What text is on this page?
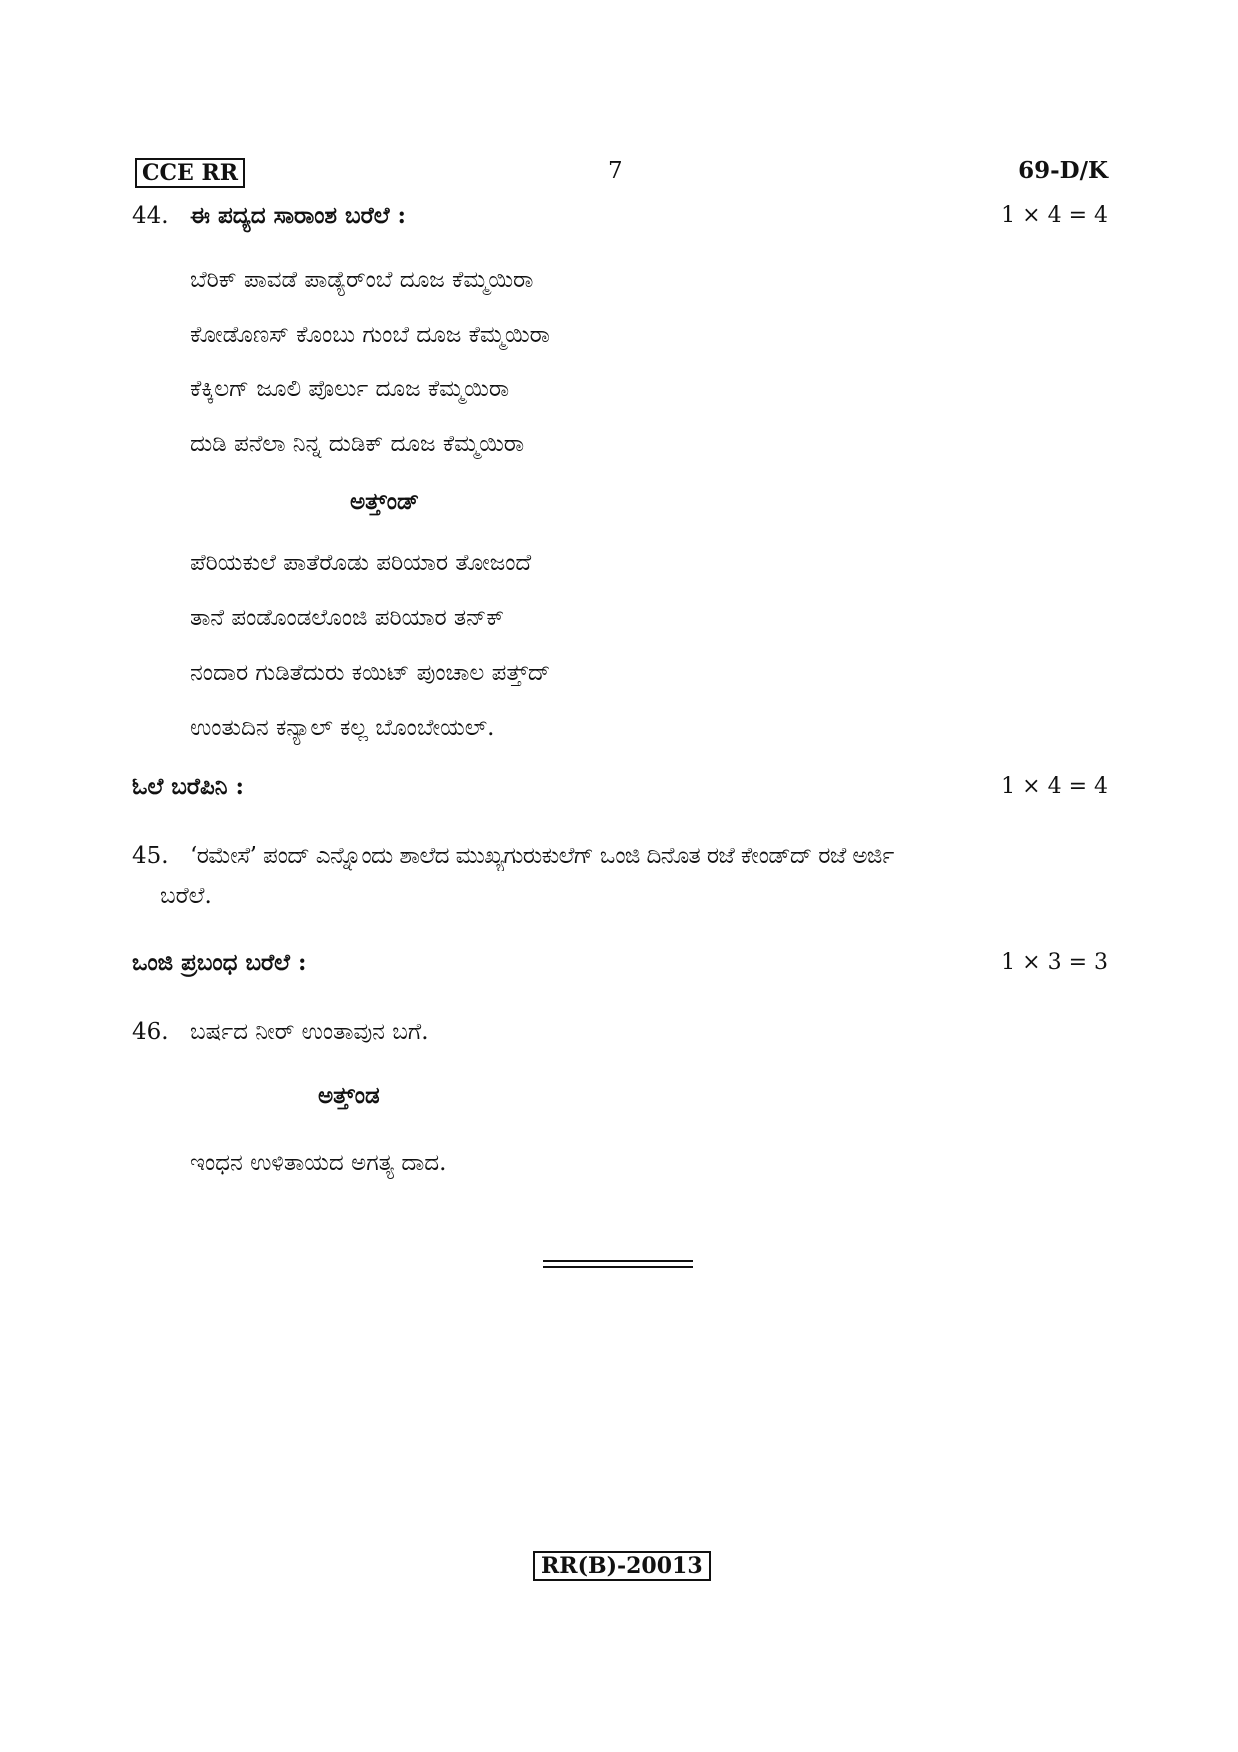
CCE RR	7	69-D/K
44. ಈ ಪದ್ಯದ ಸಾರಾಂಶ ಬರೆಲೆ :	1 × 4 = 4
ಬೆರಿಕ್ ಪಾವಡೆ ಪಾಡ್ಯೆರ್‌ಂಬೆ ದೂಜ ಕೆಮ್ಮಯಿರಾ
ಕೋಡೊಣಸ್ ಕೊಂಬು ಗುಂಬೆ ದೂಜ ಕೆಮ್ಮಯಿರಾ
ಕೆಕ್ಕಿಲಗ್ ಜೂಲಿ ಪೊರ್ಲು ದೂಜ ಕೆಮ್ಮಯಿರಾ
ದುಡಿ ಪನೆಲಾ ನಿನ್ನ ದುಡಿಕ್ ದೂಜ ಕೆಮ್ಮಯಿರಾ
ಅತ್ತ್‌ಂಡ್
ಪೆರಿಯಕುಲೆ ಪಾತೆರೊಡು ಪರಿಯಾರ ತೋಜಂದೆ
ತಾನೆ ಪಂಡೊಂಡಲೊಂಜಿ ಪರಿಯಾರ ತನ್‌ಕ್
ನಂದಾರ ಗುಡಿತೆದುರು ಕಯಿಟ್ ಪುಂಚಾಲ ಪತ್ತ್‌ದ್
ಉಂತುದಿನ ಕನ್ಯಾಲ್ ಕಲ್ಲ ಬೊಂಬೇಯಲ್.
ಓಲೆ ಬರೆಪಿನಿ :	1 × 4 = 4
45. ‘ರಮೇಸೆ’ ಪಂದ್ ಎನ್ನೊಂದು ಶಾಲೆದ ಮುಖ್ಯಗುರುಕುಲೆಗ್ ಒಂಜಿ ದಿನೊತ ರಜೆ ಕೇಂಡ್‌ದ್ ರಜೆ ಅರ್ಜಿ
ಬರೆಲೆ.
ಒಂಜಿ ಪ್ರಬಂಧ ಬರೆಲೆ :	1 × 3 = 3
46. ಬರ್ಷದ ನೀರ್ ಉಂತಾವುನ ಬಗೆ.
ಅತ್ತ್‌ಂಡ
ಇಂಧನ ಉಳಿತಾಯದ ಅಗತ್ಯ ದಾದ.
RR(B)-20013
